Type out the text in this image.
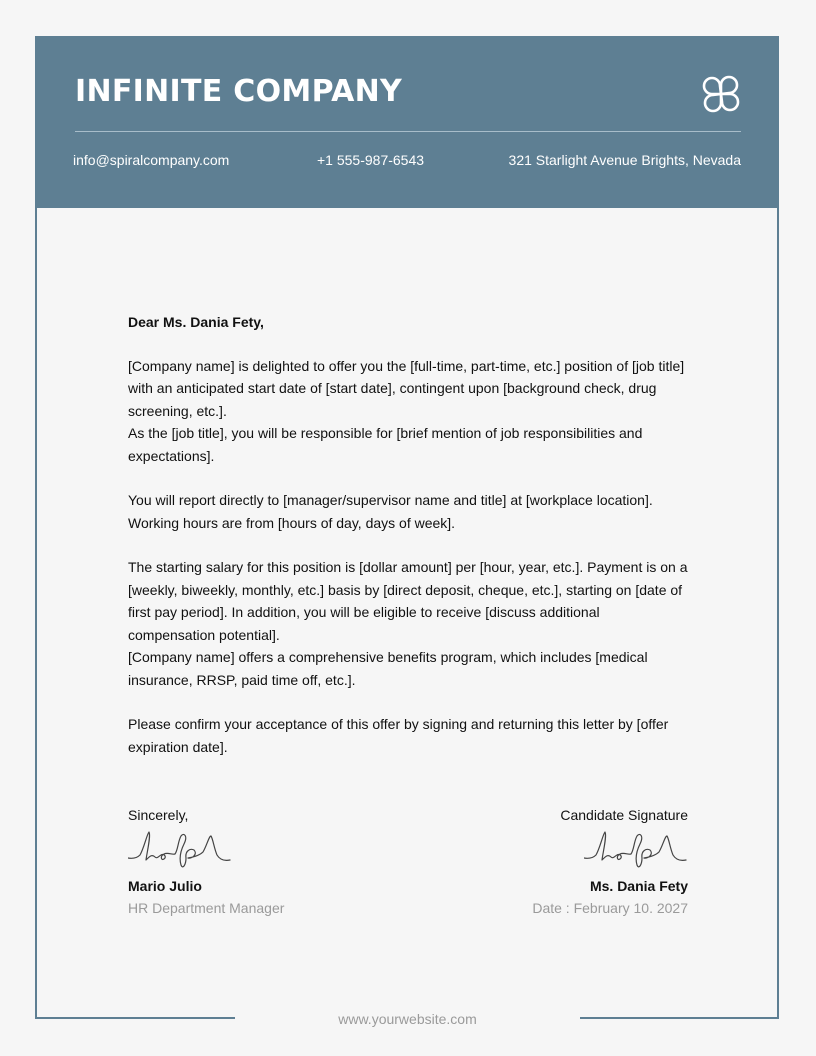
INFINITE COMPANY
info@spiralcompany.com	+1 555-987-6543	321 Starlight Avenue Brights, Nevada

Dear Ms. Dania Fety,

[Company name] is delighted to offer you the [full-time, part-time, etc.] position of [job title] with an anticipated start date of [start date], contingent upon [background check, drug screening, etc.].
As the [job title], you will be responsible for [brief mention of job responsibilities and expectations].

You will report directly to [manager/supervisor name and title] at [workplace location]. Working hours are from [hours of day, days of week].

The starting salary for this position is [dollar amount] per [hour, year, etc.]. Payment is on a [weekly, biweekly, monthly, etc.] basis by [direct deposit, cheque, etc.], starting on [date of first pay period]. In addition, you will be eligible to receive [discuss additional compensation potential].
[Company name] offers a comprehensive benefits program, which includes [medical insurance, RRSP, paid time off, etc.].

Please confirm your acceptance of this offer by signing and returning this letter by [offer expiration date].

Sincerely,
Mario Julio
HR Department Manager
Candidate Signature
Ms. Dania Fety
Date : February 10. 2027
www.yourwebsite.com
